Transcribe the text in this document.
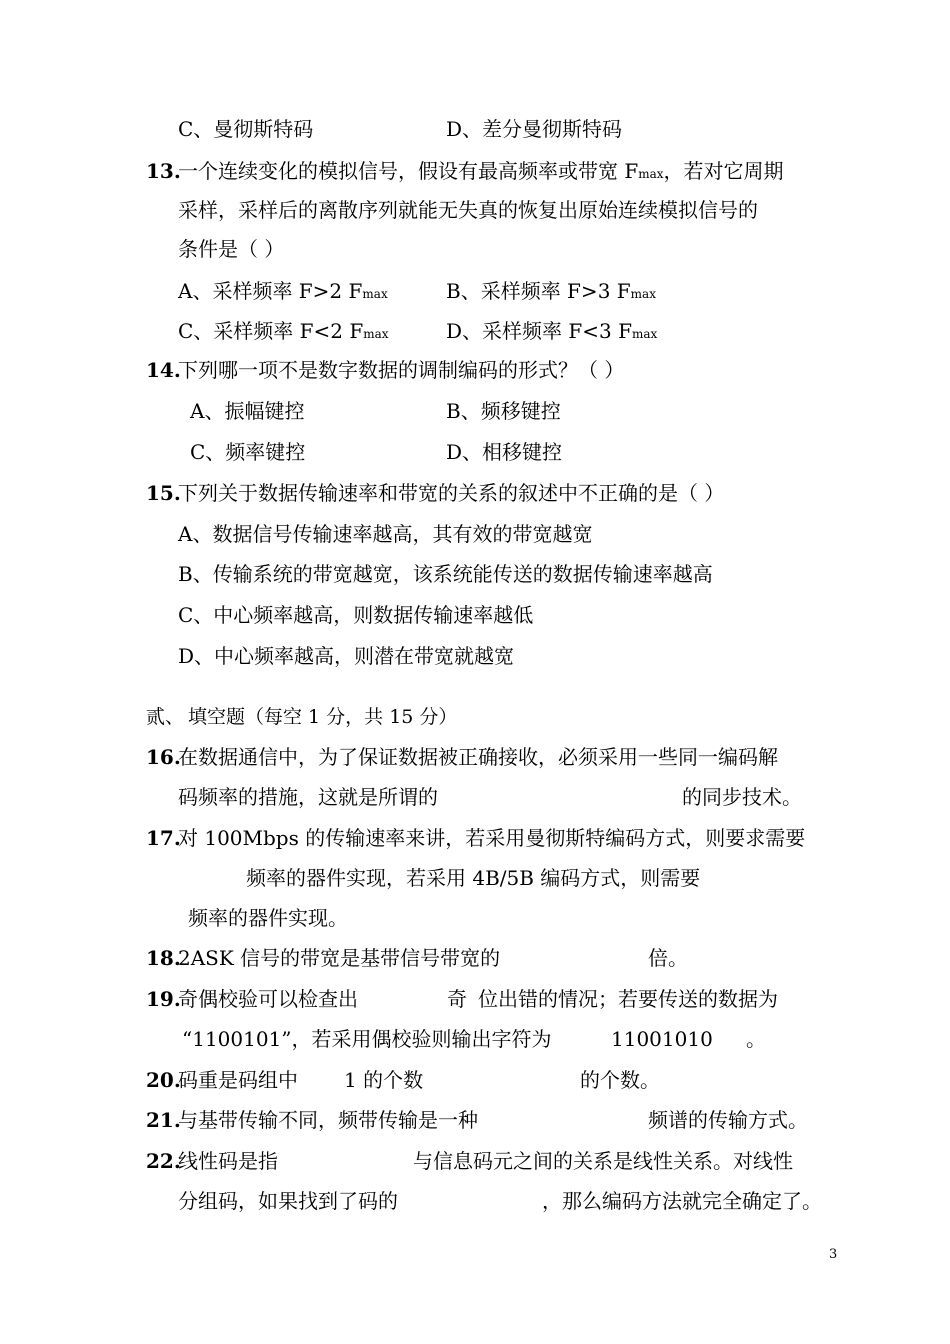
C、曼彻斯特码	D、差分曼彻斯特码
13.
一个连续变化的模拟信号，假设有最高频率或带宽 Fmax，若对它周期
采样，采样后的离散序列就能无失真的恢复出原始连续模拟信号的
条件是（ ）
A、采样频率 F>2 Fmax	B、采样频率 F>3 Fmax
C、采样频率 F<2 Fmax	D、采样频率 F<3 Fmax
14.
下列哪一项不是数字数据的调制编码的形式？（ ）
A、振幅键控	B、频移键控
C、频率键控	D、相移键控
15.
下列关于数据传输速率和带宽的关系的叙述中不正确的是（ ）
A、数据信号传输速率越高，其有效的带宽越宽
B、传输系统的带宽越宽，该系统能传送的数据传输速率越高
C、中心频率越高，则数据传输速率越低
D、中心频率越高，则潜在带宽就越宽
贰、 填空题（每空 1 分，共 15 分）
16.
在数据通信中，为了保证数据被正确接收，必须采用一些同一编码解
码频率的措施，这就是所谓的	的同步技术。
17.
对 100Mbps 的传输速率来讲，若采用曼彻斯特编码方式，则要求需要
频率的器件实现，若采用 4B/5B 编码方式，则需要
频率的器件实现。
18.
2ASK 信号的带宽是基带信号带宽的	倍。
19.
奇偶校验可以检查出	奇 位出错的情况；若要传送的数据为
“1100101”，若采用偶校验则输出字符为	11001010 。
20.
码重是码组中 1 的个数	的个数。
21.
与基带传输不同，频带传输是一种	频谱的传输方式。
22.
线性码是指	与信息码元之间的关系是线性关系。对线性
分组码，如果找到了码的	，那么编码方法就完全确定了。
3
